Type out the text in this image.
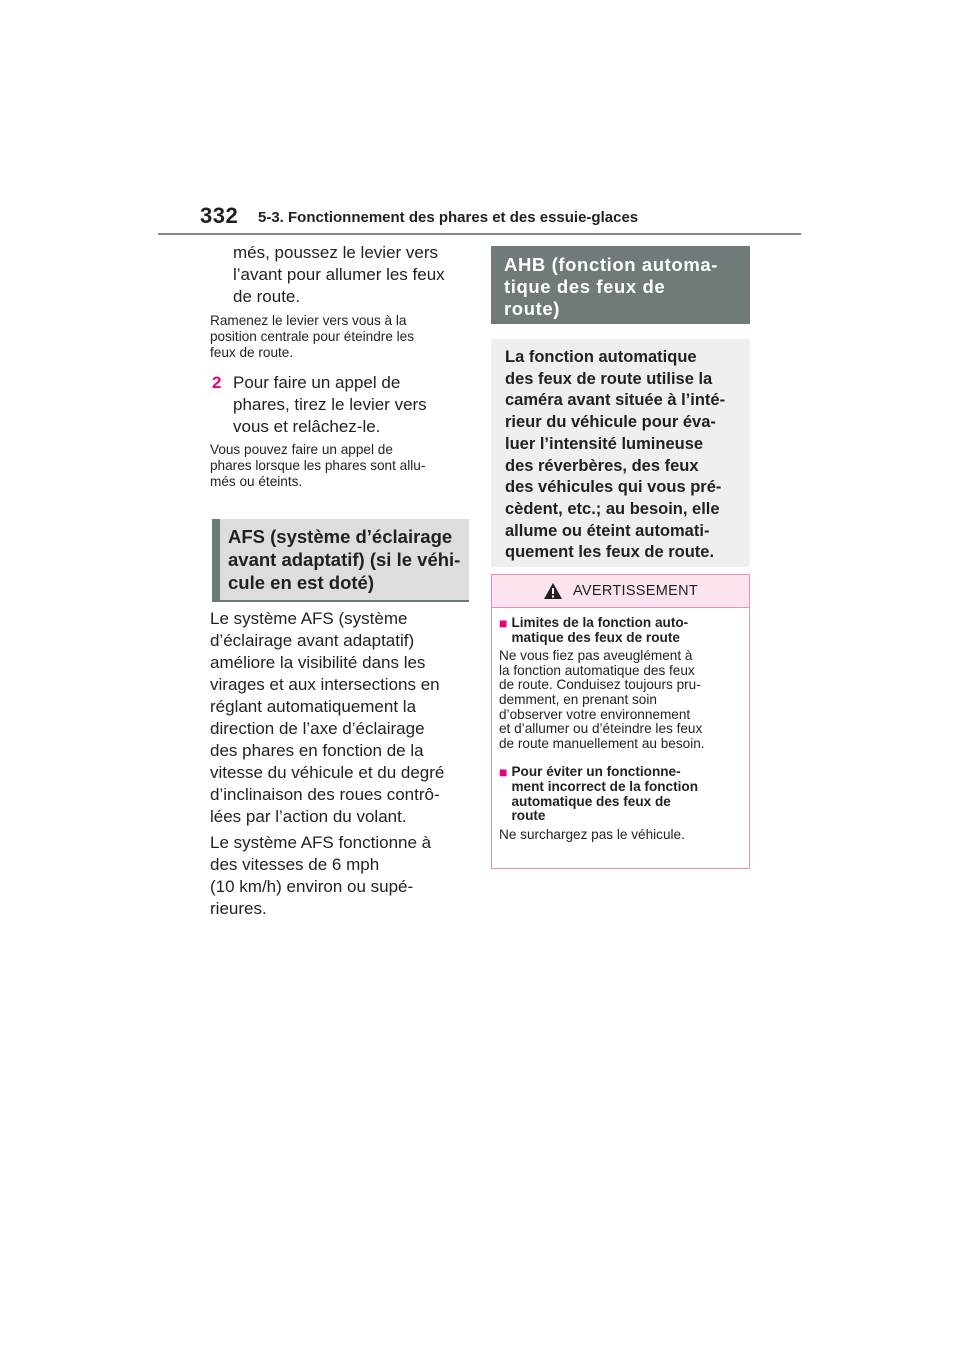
332 5-3. Fonctionnement des phares et des essuie-glaces

més, poussez le levier vers

l’avant pour allumer les feux

de route.

Ramenez le levier vers vous à la

position centrale pour éteindre les

feux de route.

2 Pour faire un appel de

phares, tirez le levier vers

vous et relâchez-le.

Vous pouvez faire un appel de

phares lorsque les phares sont allu-

més ou éteints.

AFS (système d’éclairage
avant adaptatif) (si le véhi-
cule en est doté)

Le système AFS (système

d’éclairage avant adaptatif)

améliore la visibilité dans les

virages et aux intersections en

réglant automatiquement la

direction de l’axe d’éclairage

des phares en fonction de la

vitesse du véhicule et du degré

d’inclinaison des roues contrô-

lées par l’action du volant.

Le système AFS fonctionne à

des vitesses de 6 mph

(10 km/h) environ ou supé-

rieures.

AHB (fonction automa-
tique des feux de
route)
La fonction automatique
des feux de route utilise la
caméra avant située à l’inté-
rieur du véhicule pour éva-
luer l’intensité lumineuse
des réverbères, des feux
des véhicules qui vous pré-
cèdent, etc.; au besoin, elle
allume ou éteint automati-
quement les feux de route.
AVERTISSEMENT
■ Limites de la fonction auto-
matique des feux de route
Ne vous fiez pas aveuglément à
la fonction automatique des feux
de route. Conduisez toujours pru-
demment, en prenant soin
d’observer votre environnement
et d’allumer ou d’éteindre les feux
de route manuellement au besoin.
■ Pour éviter un fonctionne-
ment incorrect de la fonction
automatique des feux de
route
Ne surchargez pas le véhicule.
